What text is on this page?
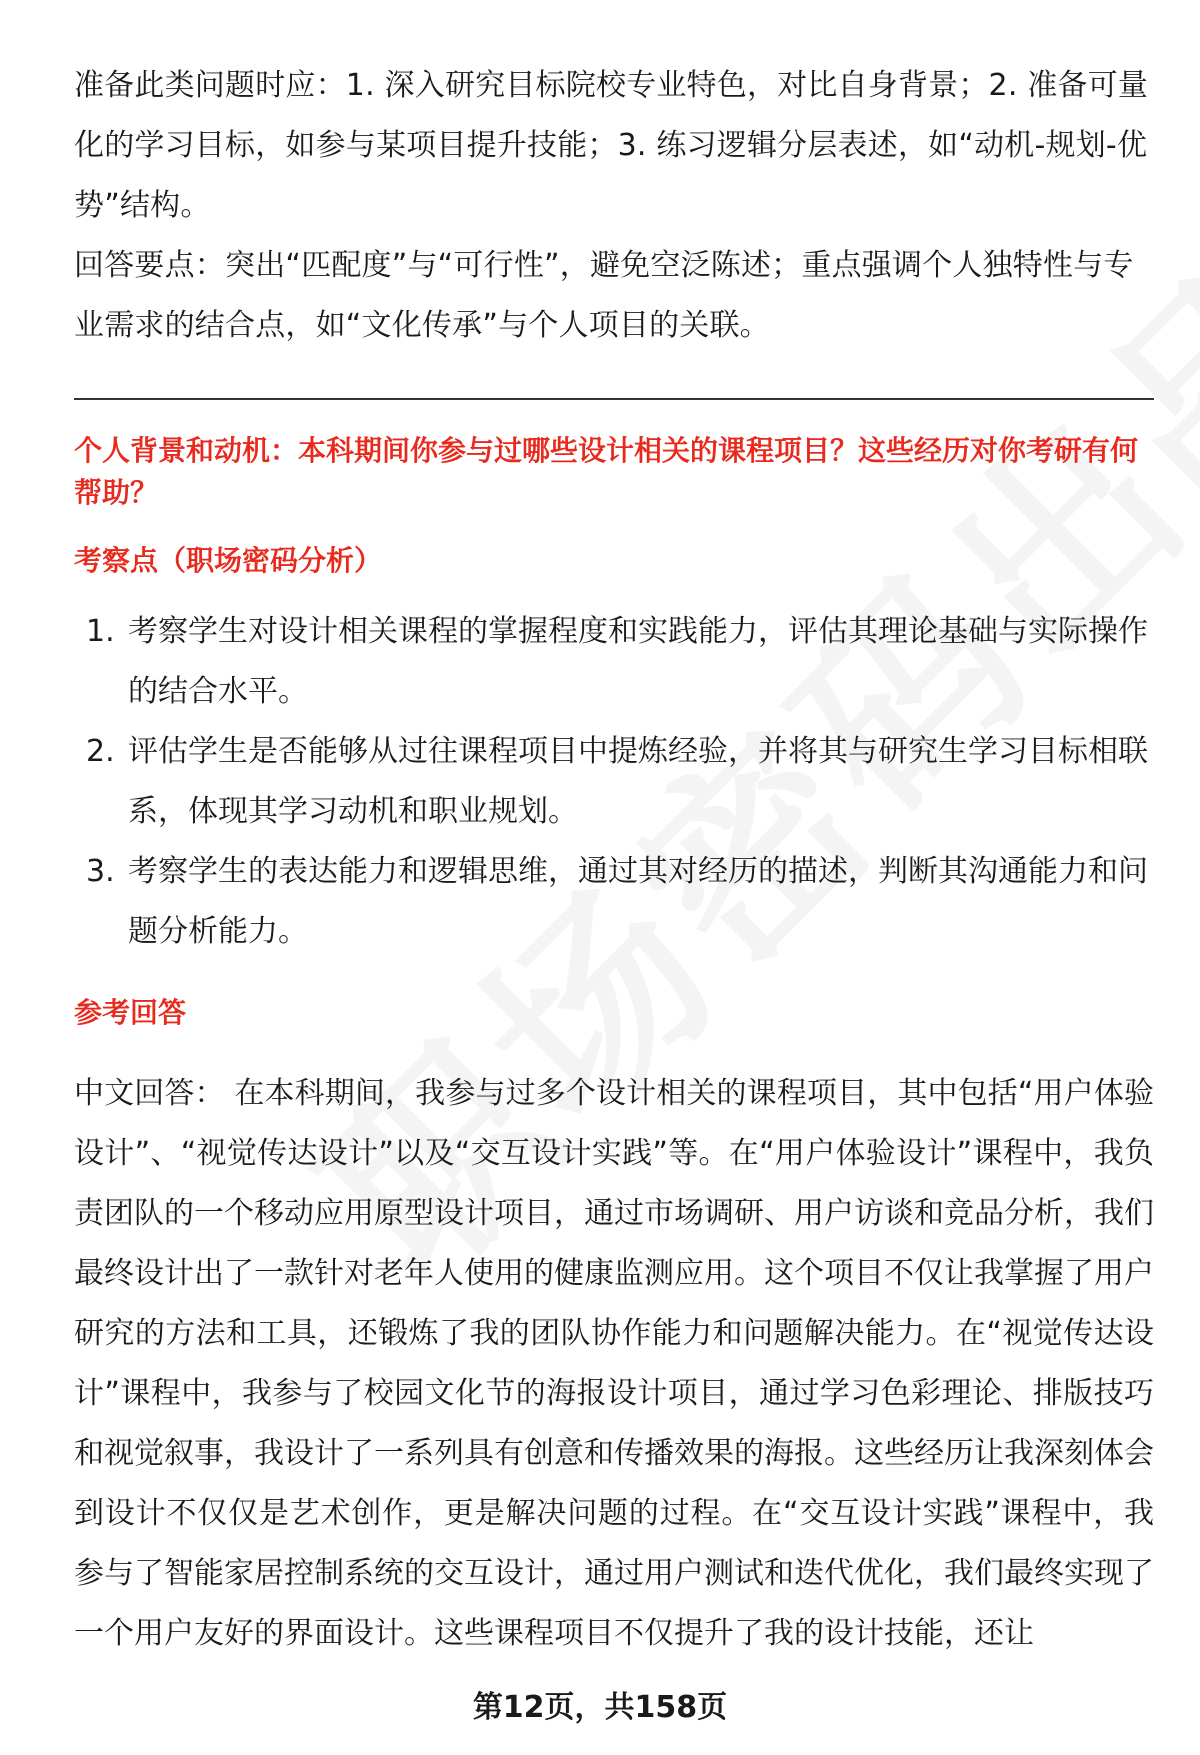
准备此类问题时应：1. 深入研究目标院校专业特色，对比自身背景；2. 准备可量化的学习目标，如参与某项目提升技能；3. 练习逻辑分层表述，如“动机-规划-优势”结构。

回答要点：突出“匹配度”与“可行性”，避免空泛陈述；重点强调个人独特性与专业需求的结合点，如“文化传承”与个人项目的关联。

个人背景和动机：本科期间你参与过哪些设计相关的课程项目？这些经历对你考研有何帮助？

考察点（职场密码分析）

1. 考察学生对设计相关课程的掌握程度和实践能力，评估其理论基础与实际操作的结合水平。
2. 评估学生是否能够从过往课程项目中提炼经验，并将其与研究生学习目标相联系，体现其学习动机和职业规划。
3. 考察学生的表达能力和逻辑思维，通过其对经历的描述，判断其沟通能力和问题分析能力。

参考回答

中文回答： 在本科期间，我参与过多个设计相关的课程项目，其中包括“用户体验设计”、“视觉传达设计”以及“交互设计实践”等。在“用户体验设计”课程中，我负责团队的一个移动应用原型设计项目，通过市场调研、用户访谈和竞品分析，我们最终设计出了一款针对老年人使用的健康监测应用。这个项目不仅让我掌握了用户研究的方法和工具，还锻炼了我的团队协作能力和问题解决能力。在“视觉传达设计”课程中，我参与了校园文化节的海报设计项目，通过学习色彩理论、排版技巧和视觉叙事，我设计了一系列具有创意和传播效果的海报。这些经历让我深刻体会到设计不仅仅是艺术创作，更是解决问题的过程。在“交互设计实践”课程中，我参与了智能家居控制系统的交互设计，通过用户测试和迭代优化，我们最终实现了一个用户友好的界面设计。这些课程项目不仅提升了我的设计技能，还让

第12页，共158页
